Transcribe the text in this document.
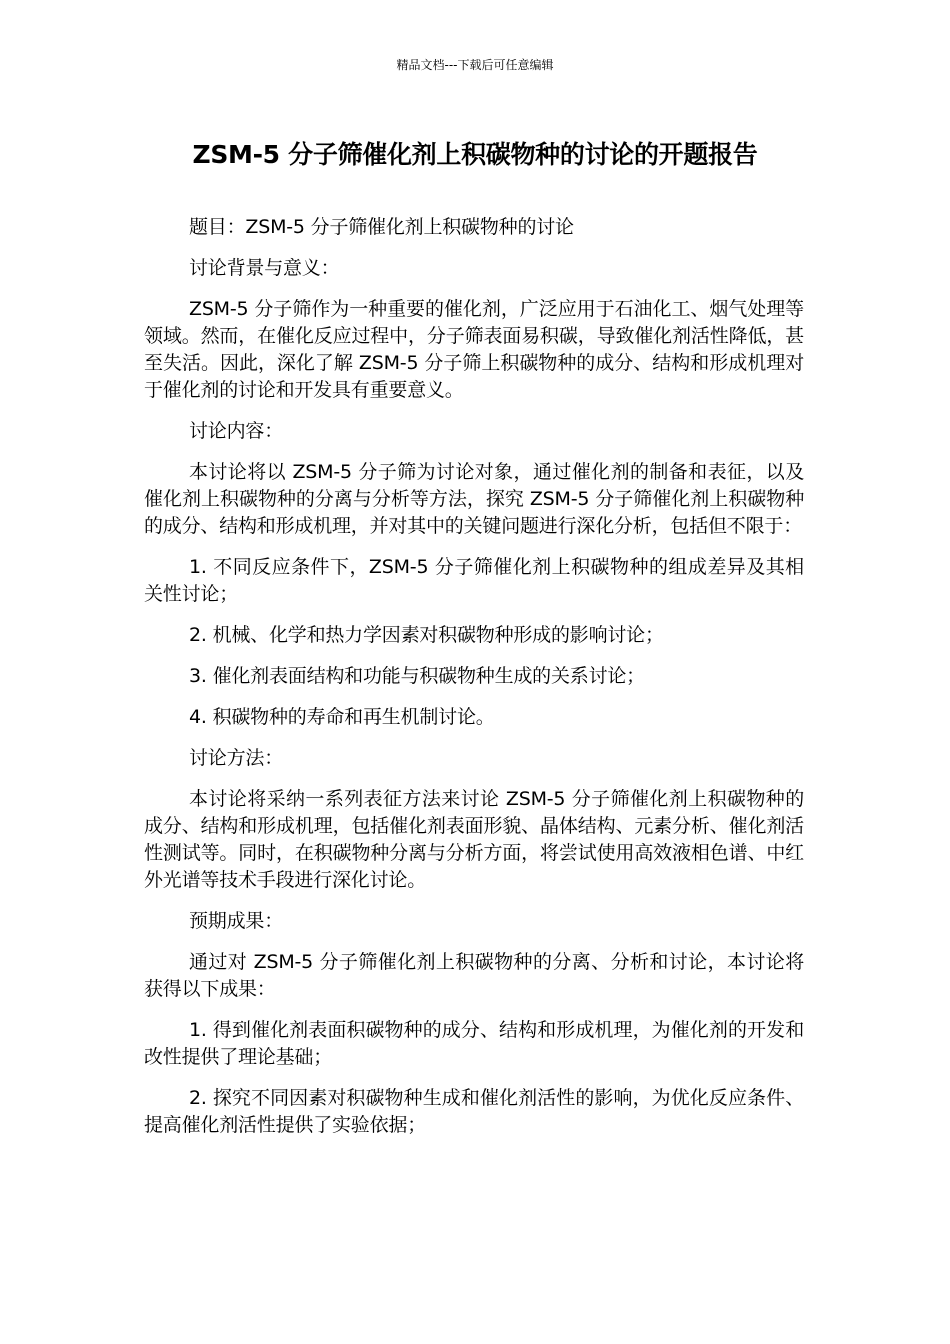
精品文档---下载后可任意编辑
ZSM-5 分子筛催化剂上积碳物种的讨论的开题报告

题目：ZSM-5 分子筛催化剂上积碳物种的讨论

讨论背景与意义：

ZSM-5 分子筛作为一种重要的催化剂，广泛应用于石油化工、烟气处理等领域。然而，在催化反应过程中，分子筛表面易积碳，导致催化剂活性降低，甚至失活。因此，深化了解 ZSM-5 分子筛上积碳物种的成分、结构和形成机理对于催化剂的讨论和开发具有重要意义。

讨论内容：

本讨论将以 ZSM-5 分子筛为讨论对象，通过催化剂的制备和表征，以及催化剂上积碳物种的分离与分析等方法，探究 ZSM-5 分子筛催化剂上积碳物种的成分、结构和形成机理，并对其中的关键问题进行深化分析，包括但不限于：

1. 不同反应条件下，ZSM-5 分子筛催化剂上积碳物种的组成差异及其相关性讨论；

2. 机械、化学和热力学因素对积碳物种形成的影响讨论；

3. 催化剂表面结构和功能与积碳物种生成的关系讨论；

4. 积碳物种的寿命和再生机制讨论。

讨论方法：

本讨论将采纳一系列表征方法来讨论 ZSM-5 分子筛催化剂上积碳物种的成分、结构和形成机理，包括催化剂表面形貌、晶体结构、元素分析、催化剂活性测试等。同时，在积碳物种分离与分析方面，将尝试使用高效液相色谱、中红外光谱等技术手段进行深化讨论。

预期成果：

通过对 ZSM-5 分子筛催化剂上积碳物种的分离、分析和讨论，本讨论将获得以下成果：

1. 得到催化剂表面积碳物种的成分、结构和形成机理，为催化剂的开发和改性提供了理论基础；

2. 探究不同因素对积碳物种生成和催化剂活性的影响，为优化反应条件、提高催化剂活性提供了实验依据；
